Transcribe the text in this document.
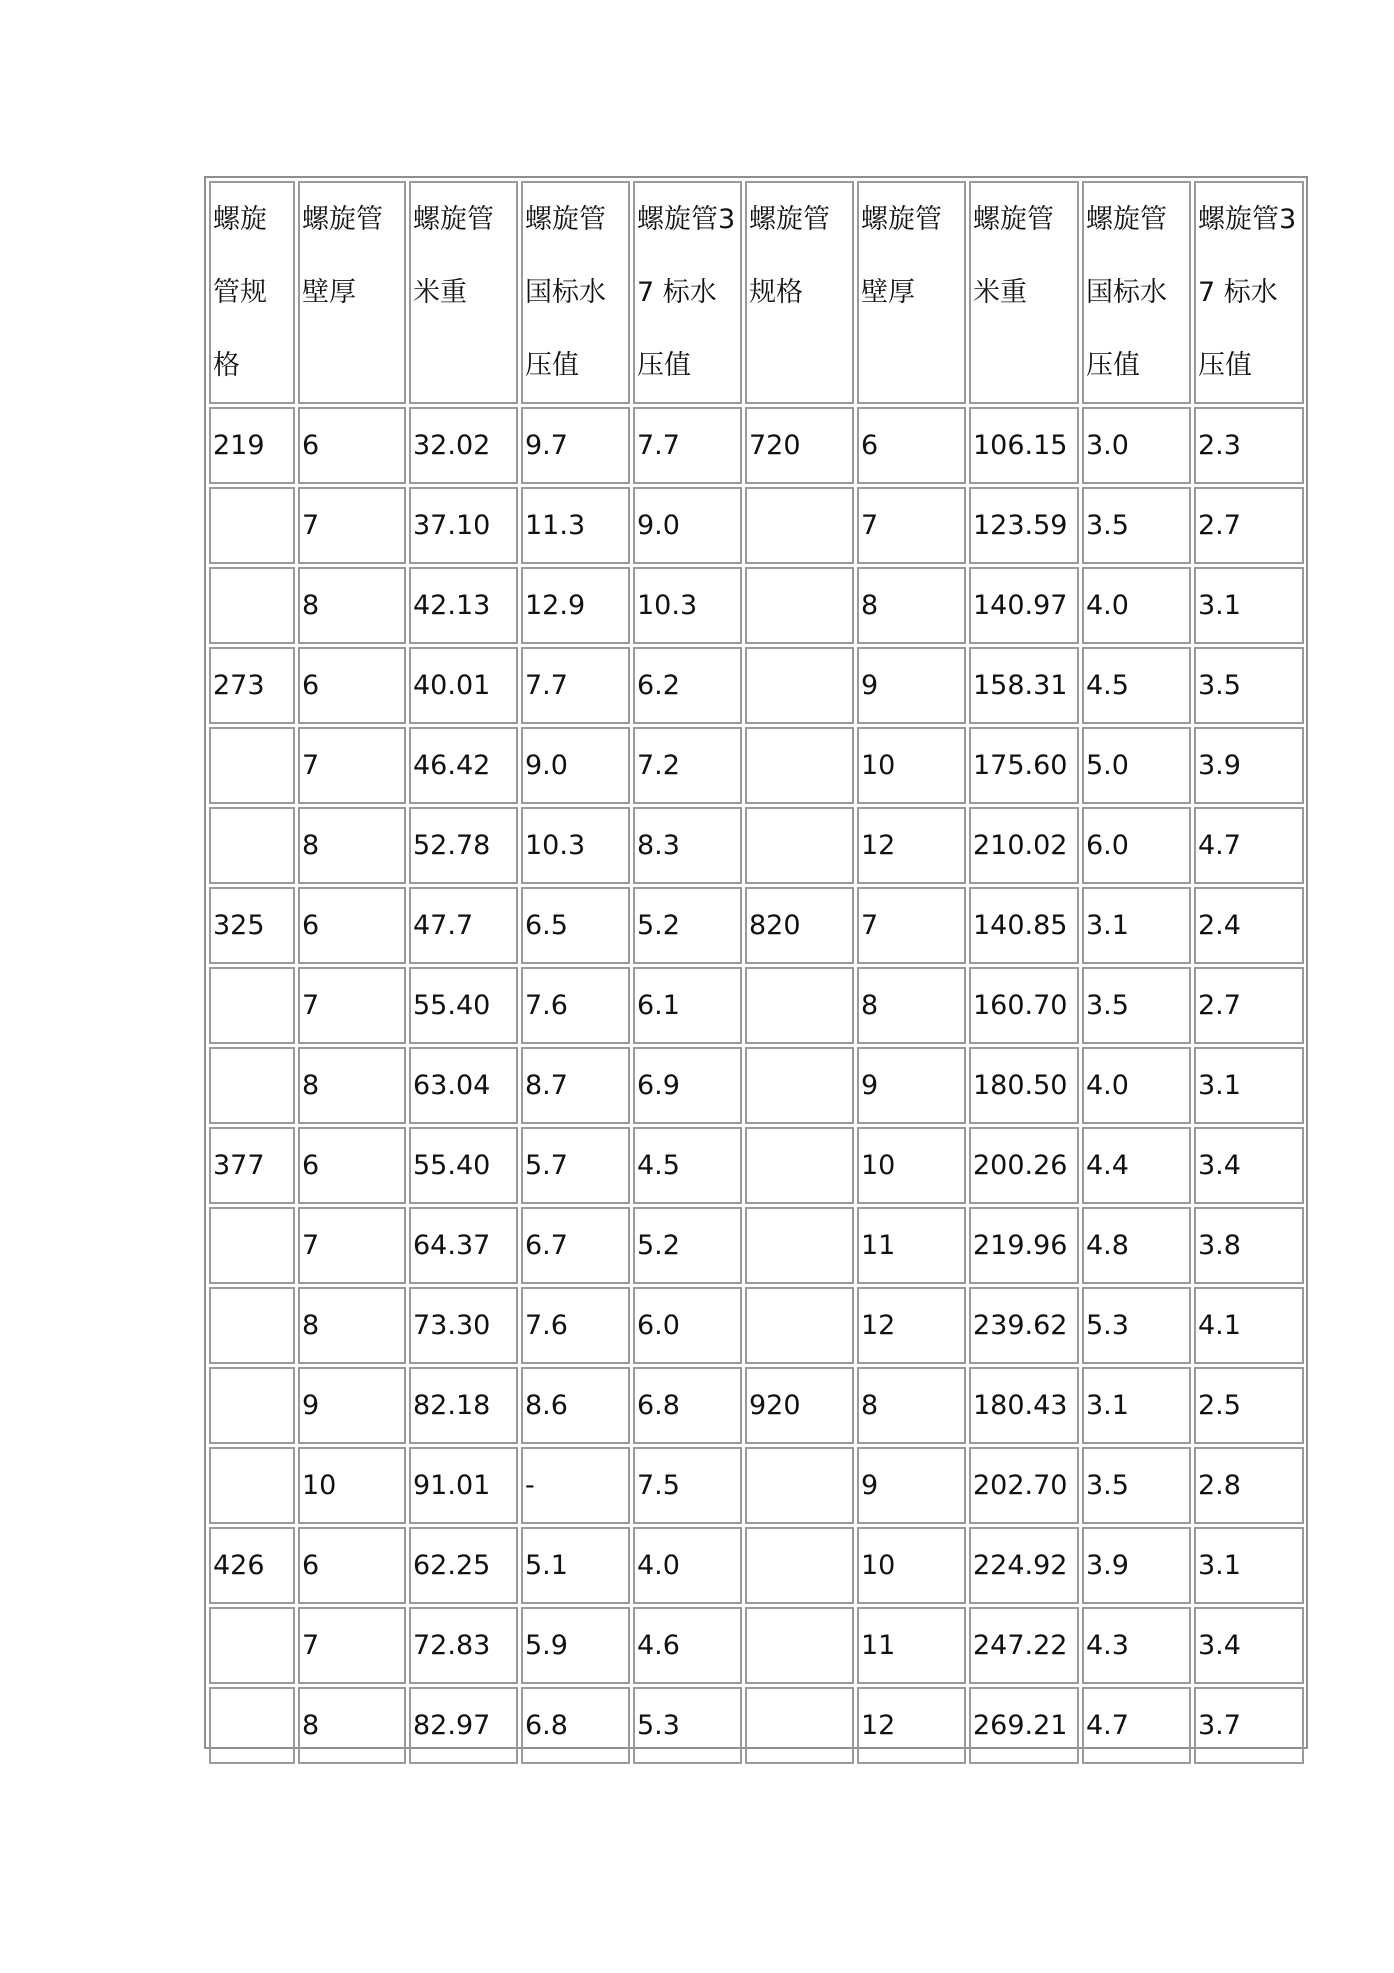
螺旋管规格	螺旋管壁厚	螺旋管米重	螺旋管国标水压值	螺旋管37 标水压值	螺旋管规格	螺旋管壁厚	螺旋管米重	螺旋管国标水压值	螺旋管37 标水压值
219	6	32.02	9.7	7.7	720	6	106.15	3.0	2.3
	7	37.10	11.3	9.0		7	123.59	3.5	2.7
	8	42.13	12.9	10.3		8	140.97	4.0	3.1
273	6	40.01	7.7	6.2		9	158.31	4.5	3.5
	7	46.42	9.0	7.2		10	175.60	5.0	3.9
	8	52.78	10.3	8.3		12	210.02	6.0	4.7
325	6	47.7	6.5	5.2	820	7	140.85	3.1	2.4
	7	55.40	7.6	6.1		8	160.70	3.5	2.7
	8	63.04	8.7	6.9		9	180.50	4.0	3.1
377	6	55.40	5.7	4.5		10	200.26	4.4	3.4
	7	64.37	6.7	5.2		11	219.96	4.8	3.8
	8	73.30	7.6	6.0		12	239.62	5.3	4.1
	9	82.18	8.6	6.8	920	8	180.43	3.1	2.5
	10	91.01	-	7.5		9	202.70	3.5	2.8
426	6	62.25	5.1	4.0		10	224.92	3.9	3.1
	7	72.83	5.9	4.6		11	247.22	4.3	3.4
	8	82.97	6.8	5.3		12	269.21	4.7	3.7
